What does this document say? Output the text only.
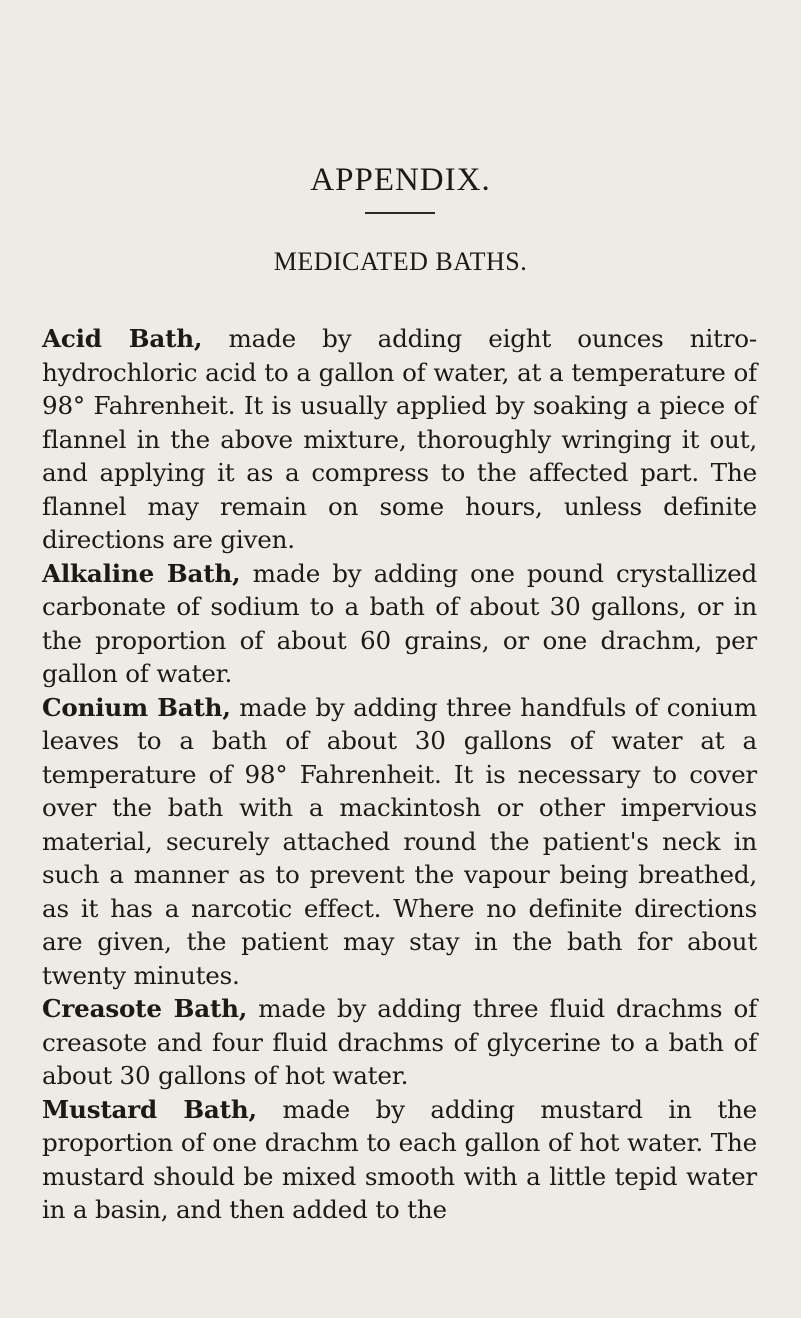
APPENDIX.
MEDICATED BATHS.

Acid Bath, made by adding eight ounces nitro-hydrochloric acid to a gallon of water, at a temperature of 98° Fahrenheit. It is usually applied by soaking a piece of flannel in the above mixture, thoroughly wringing it out, and applying it as a compress to the affected part. The flannel may remain on some hours, unless definite directions are given.

Alkaline Bath, made by adding one pound crystallized carbonate of sodium to a bath of about 30 gallons, or in the proportion of about 60 grains, or one drachm, per gallon of water.

Conium Bath, made by adding three handfuls of conium leaves to a bath of about 30 gallons of water at a temperature of 98° Fahrenheit. It is necessary to cover over the bath with a mackintosh or other impervious material, securely attached round the patient's neck in such a manner as to prevent the vapour being breathed, as it has a narcotic effect. Where no definite directions are given, the patient may stay in the bath for about twenty minutes.

Creasote Bath, made by adding three fluid drachms of creasote and four fluid drachms of glycerine to a bath of about 30 gallons of hot water.

Mustard Bath, made by adding mustard in the proportion of one drachm to each gallon of hot water. The mustard should be mixed smooth with a little tepid water in a basin, and then added to the
